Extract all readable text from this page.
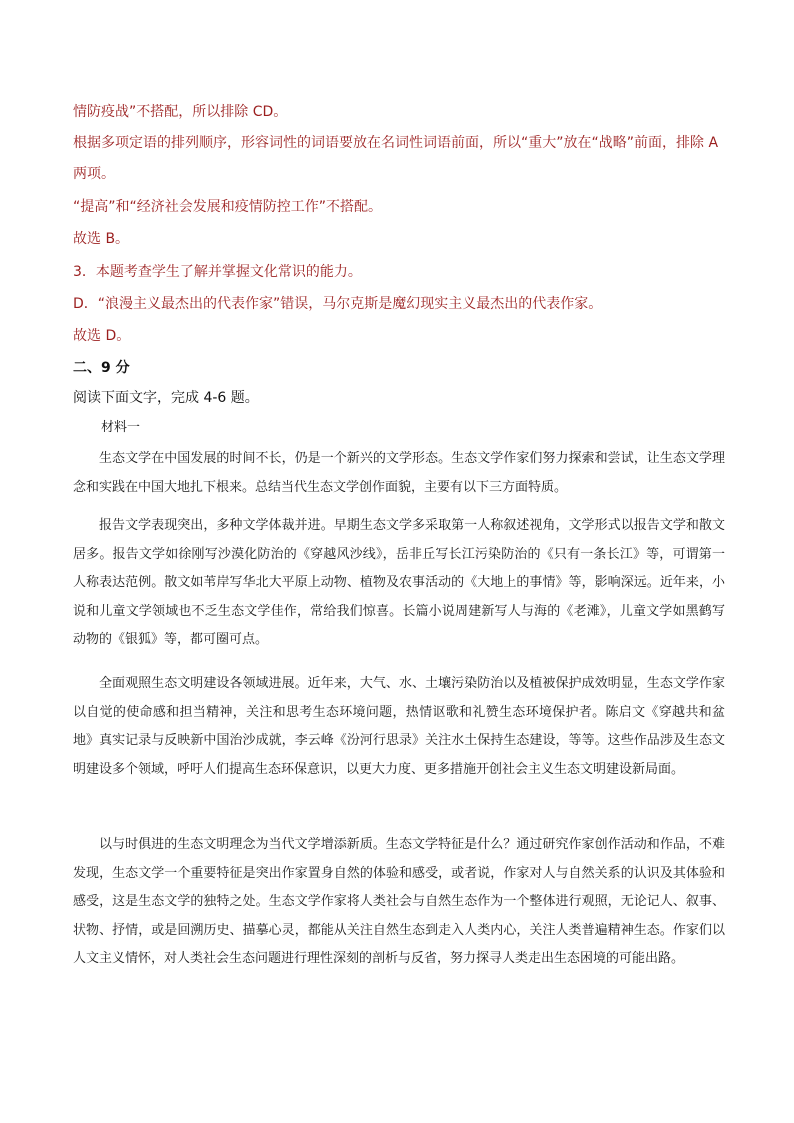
情防疫战”不搭配，所以排除 CD。
根据多项定语的排列顺序，形容词性的词语要放在名词性词语前面，所以“重大”放在“战略”前面，排除 A
两项。
“提高”和“经济社会发展和疫情防控工作”不搭配。
故选 B。
3．本题考查学生了解并掌握文化常识的能力。
D．“浪漫主义最杰出的代表作家”错误，马尔克斯是魔幻现实主义最杰出的代表作家。
故选 D。
二、9 分
阅读下面文字，完成 4-6 题。
材料一

生态文学在中国发展的时间不长，仍是一个新兴的文学形态。生态文学作家们努力探索和尝试，让生态文学理念和实践在中国大地扎下根来。总结当代生态文学创作面貌，主要有以下三方面特质。

报告文学表现突出，多种文学体裁并进。早期生态文学多采取第一人称叙述视角，文学形式以报告文学和散文居多。报告文学如徐刚写沙漠化防治的《穿越风沙线》，岳非丘写长江污染防治的《只有一条长江》等，可谓第一人称表达范例。散文如苇岸写华北大平原上动物、植物及农事活动的《大地上的事情》等，影响深远。近年来，小说和儿童文学领域也不乏生态文学佳作，常给我们惊喜。长篇小说周建新写人与海的《老滩》，儿童文学如黑鹤写动物的《银狐》等，都可圈可点。

全面观照生态文明建设各领域进展。近年来，大气、水、土壤污染防治以及植被保护成效明显，生态文学作家以自觉的使命感和担当精神，关注和思考生态环境问题，热情讴歌和礼赞生态环境保护者。陈启文《穿越共和盆地》真实记录与反映新中国治沙成就，李云峰《汾河行思录》关注水土保持生态建设，等等。这些作品涉及生态文明建设多个领域，呼吁人们提高生态环保意识，以更大力度、更多措施开创社会主义生态文明建设新局面。

以与时俱进的生态文明理念为当代文学增添新质。生态文学特征是什么？通过研究作家创作活动和作品，不难发现，生态文学一个重要特征是突出作家置身自然的体验和感受，或者说，作家对人与自然关系的认识及其体验和感受，这是生态文学的独特之处。生态文学作家将人类社会与自然生态作为一个整体进行观照，无论记人、叙事、状物、抒情，或是回溯历史、描摹心灵，都能从关注自然生态到走入人类内心，关注人类普遍精神生态。作家们以人文主义情怀，对人类社会生态问题进行理性深刻的剖析与反省，努力探寻人类走出生态困境的可能出路。
